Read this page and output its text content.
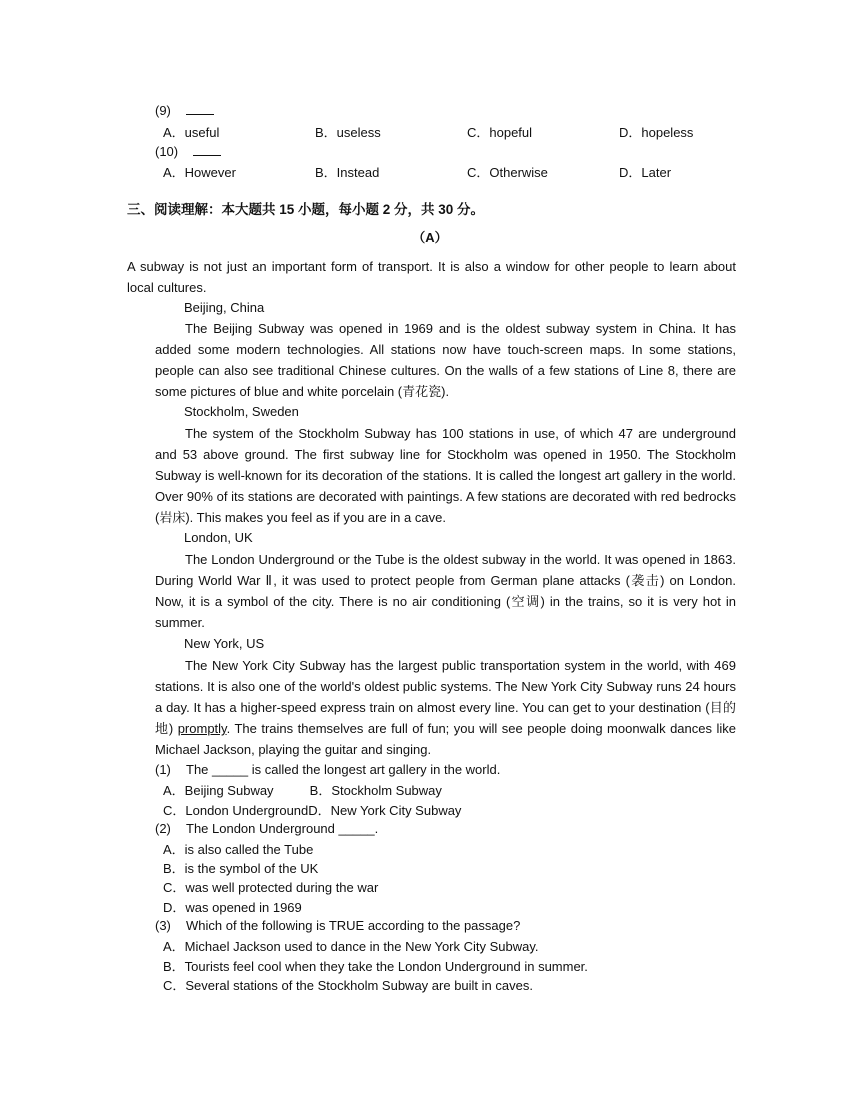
(9)
A．useful	B．useless	C．hopeful	D．hopeless
(10)
A．However	B．Instead	C．Otherwise	D．Later
三、阅读理解：本大题共 15 小题，每小题 2 分，共 30 分。
（A）
A subway is not just an important form of transport. It is also a window for other people to learn about local cultures.
Beijing, China
The Beijing Subway was opened in 1969 and is the oldest subway system in China. It has added some modern technologies. All stations now have touch-screen maps. In some stations, people can also see traditional Chinese cultures. On the walls of a few stations of Line 8, there are some pictures of blue and white porcelain (青花瓷).
Stockholm, Sweden
The system of the Stockholm Subway has 100 stations in use, of which 47 are underground and 53 above ground. The first subway line for Stockholm was opened in 1950. The Stockholm Subway is well-known for its decoration of the stations. It is called the longest art gallery in the world. Over 90% of its stations are decorated with paintings. A few stations are decorated with red bedrocks (岩床). This makes you feel as if you are in a cave.
London, UK
The London Underground or the Tube is the oldest subway in the world. It was opened in 1863. During World War Ⅱ, it was used to protect people from German plane attacks (袭击) on London. Now, it is a symbol of the city. There is no air conditioning (空调) in the trains, so it is very hot in summer.
New York, US
The New York City Subway has the largest public transportation system in the world, with 469 stations. It is also one of the world's oldest public systems. The New York City Subway runs 24 hours a day. It has a higher-speed express train on almost every line. You can get to your destination (目的地) promptly. The trains themselves are full of fun; you will see people doing moonwalk dances like Michael Jackson, playing the guitar and singing.
(1) The _____ is called the longest art gallery in the world.
A．Beijing Subway          B．Stockholm Subway
C．London UndergroundD．New York City Subway
(2) The London Underground _____.
A．is also called the Tube
B．is the symbol of the UK
C．was well protected during the war
D．was opened in 1969
(3) Which of the following is TRUE according to the passage?
A．Michael Jackson used to dance in the New York City Subway.
B．Tourists feel cool when they take the London Underground in summer.
C．Several stations of the Stockholm Subway are built in caves.
